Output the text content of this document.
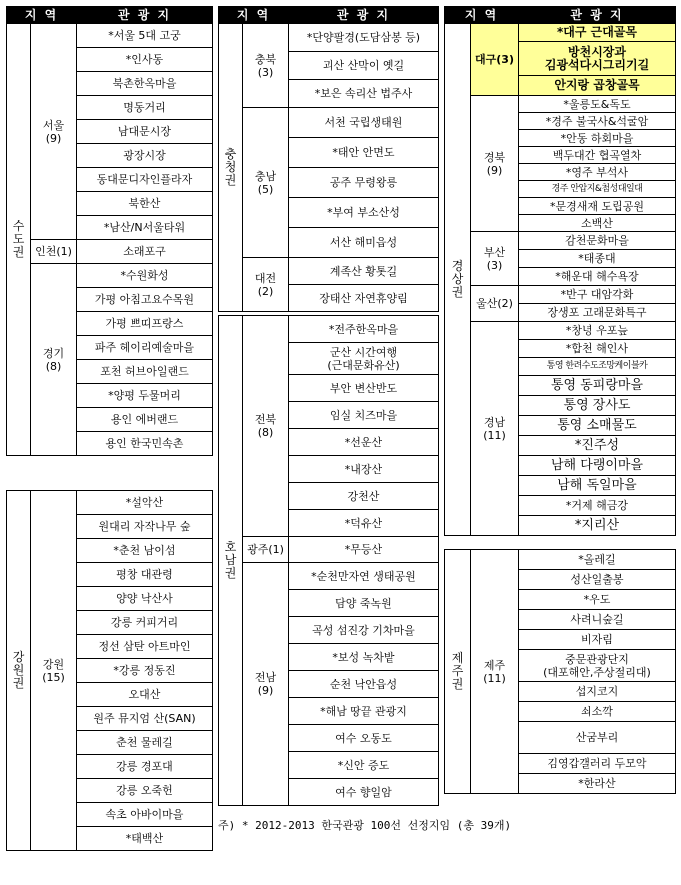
지 역		관 광 지
수
도
권	서울
(9)	*서울 5대 고궁
		*인사동
		북촌한옥마을
		명동거리
		남대문시장
		광장시장
		동대문디자인플라자
		북한산
		*남산/N서울타워
	인천(1)	소래포구
	경기
(8)	*수원화성
		가평 아침고요수목원
		가평 쁘띠프랑스
		파주 헤이리예술마을
		포천 허브아일랜드
		*양평 두물머리
		용인 에버랜드
		용인 한국민속촌
강
원
권	강원
(15)	*설악산
원대리 자작나무 숲
*춘천 남이섬
평창 대관령
양양 낙산사
강릉 커피거리
정선 삼탄 아트마인
*강릉 정동진
오대산
원주 뮤지엄 산(SAN)
춘천 물레길
강릉 경포대
강릉 오죽헌
속초 아바이마을
*태백산
지 역		관 광 지
충
청
권	충북
(3)	*단양팔경(도담삼봉 등)
		괴산 산막이 옛길
		*보은 속리산 법주사
	충남
(5)	서천 국립생태원
		*태안 안면도
		공주 무령왕릉
		*부여 부소산성
		서산 해미읍성
	대전
(2)	계족산 황톳길
		장태산 자연휴양림
호
남
권	전북
(8)	*전주한옥마을
		군산 시간여행
(근대문화유산)
		부안 변산반도
		임실 치즈마을
		*선운산
		*내장산
		강천산
		*덕유산
	광주(1)	*무등산
	전남
(9)	*순천만자연 생태공원
		담양 죽녹원
		곡성 섬진강 기차마을
		*보성 녹차밭
		순천 낙안읍성
		*해남 땅끝 관광지
		여수 오동도
		*신안 증도
		여수 향일암
주) * 2012-2013 한국관광 100선 선정지임 (총 39개)
지 역		관 광 지
경
상
권	대구(3)	*대구 근대골목
		방천시장과
김광석다시그리기길
		안지랑 곱창골목
	경북
(9)	*울릉도&독도
		*경주 불국사&석굴암
		*안동 하회마을
		백두대간 협곡열차
		*영주 부석사
		경주 안압지&첨성대일대
		*문경새재 도립공원
		소백산
	부산
(3)	감천문화마을
		*태종대
		*해운대 해수욕장
	울산(2)	*반구 대암각화
		장생포 고래문화특구
	경남
(11)	*창녕 우포늪
		*합천 해인사
		통영 한려수도조망케이블카
		통영 동피랑마을
		통영 장사도
		통영 소매물도
		*진주성
		남해 다랭이마을
		남해 독일마을
		*거제 해금강
		*지리산
제
주
권	제주
(11)	*올레길
성산일출봉
*우도
사려니숲길
비자림
중문관광단지
(대포해안,주상절리대)
섭지코지
쇠소깍
산굼부리
김영갑갤러리 두모악
*한라산
